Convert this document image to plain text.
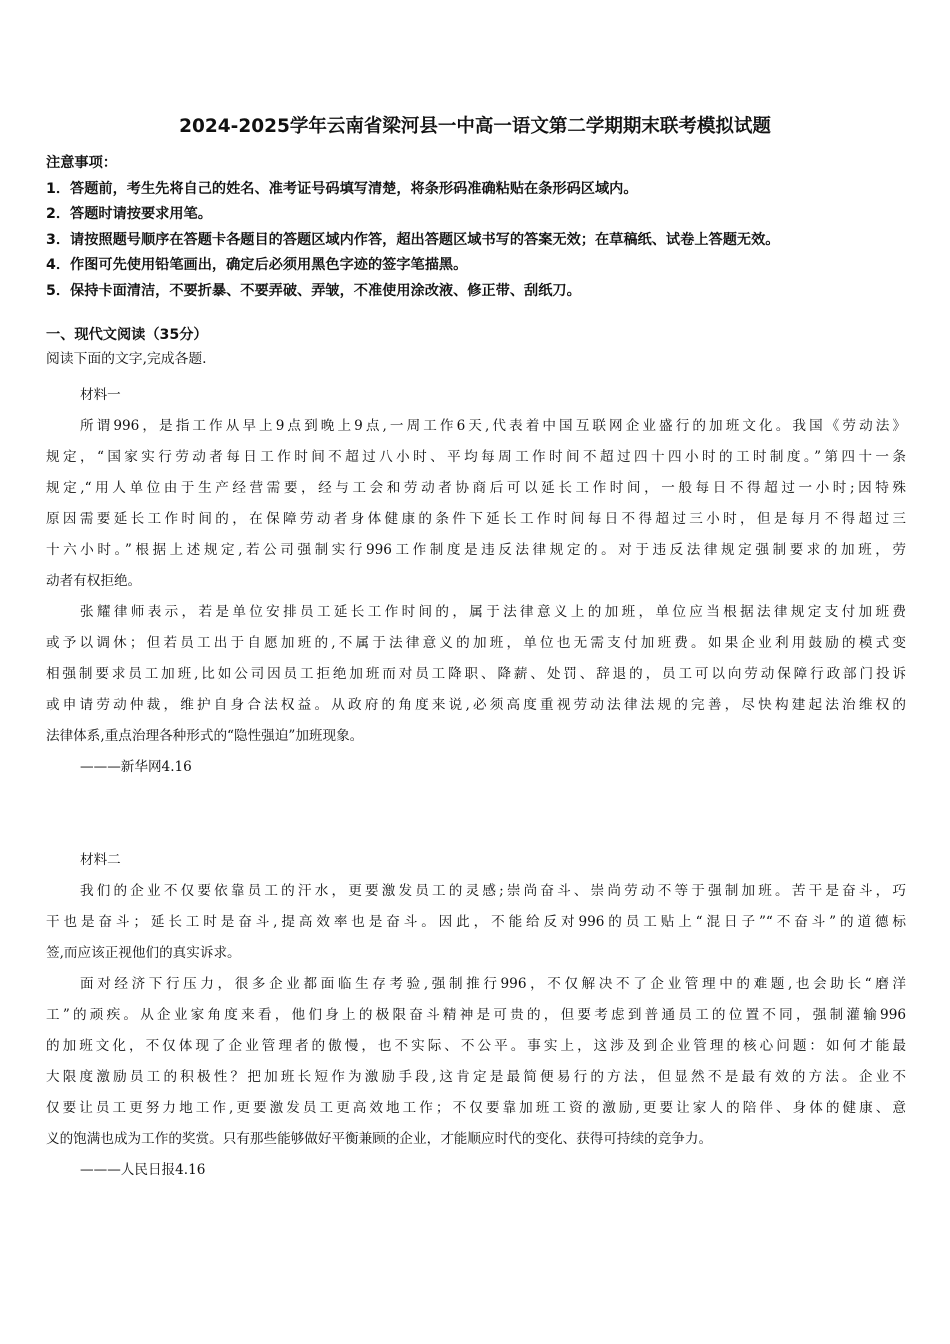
2024-2025学年云南省梁河县一中高一语文第二学期期末联考模拟试题
注意事项：
1．答题前，考生先将自己的姓名、准考证号码填写清楚，将条形码准确粘贴在条形码区域内。
2．答题时请按要求用笔。
3．请按照题号顺序在答题卡各题目的答题区域内作答，超出答题区域书写的答案无效；在草稿纸、试卷上答题无效。
4．作图可先使用铅笔画出，确定后必须用黑色字迹的签字笔描黑。
5．保持卡面清洁，不要折暴、不要弄破、弄皱，不准使用涂改液、修正带、刮纸刀。
一、现代文阅读（35分）
阅读下面的文字,完成各题.
材料一
所谓996，是指工作从早上9点到晚上9点,一周工作6天,代表着中国互联网企业盛行的加班文化。我国《劳动法》
规定，“国家实行劳动者每日工作时间不超过八小时、平均每周工作时间不超过四十四小时的工时制度。”第四十一条
规定,“用人单位由于生产经营需要，经与工会和劳动者协商后可以延长工作时间，一般每日不得超过一小时;因特殊
原因需要延长工作时间的，在保障劳动者身体健康的条件下延长工作时间每日不得超过三小时，但是每月不得超过三
十六小时。”根据上述规定,若公司强制实行996工作制度是违反法律规定的。对于违反法律规定强制要求的加班，劳
动者有权拒绝。
张耀律师表示，若是单位安排员工延长工作时间的，属于法律意义上的加班，单位应当根据法律规定支付加班费
或予以调休；但若员工出于自愿加班的,不属于法律意义的加班，单位也无需支付加班费。如果企业利用鼓励的模式变
相强制要求员工加班,比如公司因员工拒绝加班而对员工降职、降薪、处罚、辞退的，员工可以向劳动保障行政部门投诉
或申请劳动仲裁，维护自身合法权益。从政府的角度来说,必须高度重视劳动法律法规的完善，尽快构建起法治维权的
法律体系,重点治理各种形式的“隐性强迫”加班现象。
———新华网4.16
材料二
我们的企业不仅要依靠员工的汗水，更要激发员工的灵感;崇尚奋斗、崇尚劳动不等于强制加班。苦干是奋斗，巧
干也是奋斗；延长工时是奋斗,提高效率也是奋斗。因此，不能给反对996的员工贴上“混日子”“不奋斗”的道德标
签,而应该正视他们的真实诉求。
面对经济下行压力，很多企业都面临生存考验,强制推行996，不仅解决不了企业管理中的难题,也会助长“磨洋
工”的顽疾。从企业家角度来看，他们身上的极限奋斗精神是可贵的，但要考虑到普通员工的位置不同，强制灌输996
的加班文化，不仅体现了企业管理者的傲慢，也不实际、不公平。事实上，这涉及到企业管理的核心问题：如何才能最
大限度激励员工的积极性？把加班长短作为激励手段,这肯定是最简便易行的方法，但显然不是最有效的方法。企业不
仅要让员工更努力地工作,更要激发员工更高效地工作；不仅要靠加班工资的激励,更要让家人的陪伴、身体的健康、意
义的饱满也成为工作的奖赏。只有那些能够做好平衡兼顾的企业，才能顺应时代的变化、获得可持续的竞争力。
———人民日报4.16
